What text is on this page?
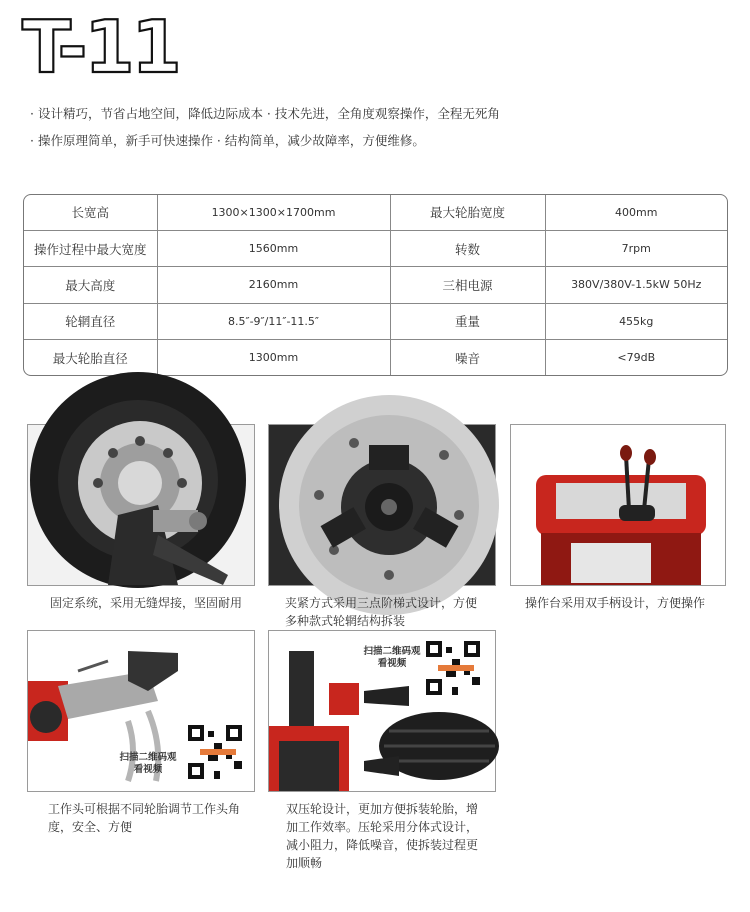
T-11
· 设计精巧，节省占地空间，降低边际成本 · 技术先进，全角度观察操作，全程无死角
· 操作原理简单，新手可快速操作 · 结构简单，减少故障率，方便维修。
长宽高	1300×1300×1700mm	最大轮胎宽度	400mm
操作过程中最大宽度	1560mm	转数	7rpm
最大高度	2160mm	三相电源	380V/380V-1.5kW 50Hz
轮辋直径	8.5″-9″/11″-11.5″	重量	455kg
最大轮胎直径	1300mm	噪音	<79dB
固定系统，采用无缝焊接，坚固耐用	夹紧方式采用三点阶梯式设计，方便多种款式轮辋结构拆装
操作台采用双手柄设计，方便操作
扫描二维码观看视频
工作头可根据不同轮胎调节工作头角度，安全、方便
扫描二维码观看视频
双压轮设计，更加方便拆装轮胎，增加工作效率。压轮采用分体式设计，减小阻力，降低噪音，使拆装过程更加顺畅
